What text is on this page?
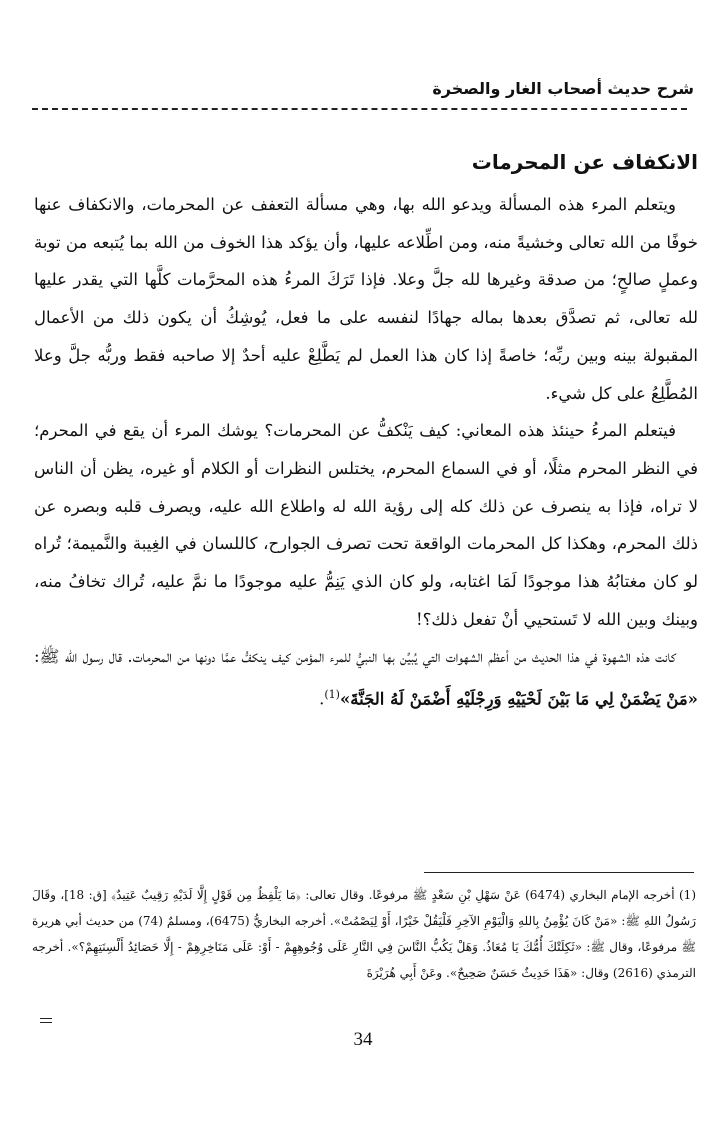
شرح حديث أصحاب الغار والصخرة
الانكفاف عن المحرمات

ويتعلم المرء هذه المسألة ويدعو الله بها، وهي مسألة التعفف عن المحرمات، والانكفاف عنها خوفًا من الله تعالى وخشيةً منه، ومن اطِّلاعه عليها، وأن يؤكد هذا الخوف من الله بما يُتبعه من توبة وعملٍ صالحٍ؛ من صدقة وغيرها لله جلَّ وعلا. فإذا تَرَكَ المرءُ هذه المحرَّمات كلَّها التي يقدر عليها لله تعالى، ثم تصدَّق بعدها بماله جهادًا لنفسه على ما فعل، يُوشِكُ أن يكون ذلك من الأعمال المقبولة بينه وبين ربِّه؛ خاصةً إذا كان هذا العمل لم يَطَّلِعْ عليه أحدٌ إلا صاحبه فقط وربُّه جلَّ وعلا المُطَّلِعُ على كل شيء.

فيتعلم المرءُ حينئذ هذه المعاني: كيف يَنْكفُّ عن المحرمات؟ يوشك المرء أن يقع في المحرم؛ في النظر المحرم مثلًا، أو في السماع المحرم، يختلس النظرات أو الكلام أو غيره، يظن أن الناس لا تراه، فإذا به ينصرف عن ذلك كله إلى رؤية الله له واطلاع الله عليه، ويصرف قلبه وبصره عن ذلك المحرم، وهكذا كل المحرمات الواقعة تحت تصرف الجوارح، كاللسان في الغِيبة والنَّميمة؛ تُراه لو كان مغتابُهُ هذا موجودًا لَمَا اغتابه، ولو كان الذي يَنِمُّ عليه موجودًا ما نمَّ عليه، تُراك تخافُ منه، وبينك وبين الله لا تَستحيي أنْ تفعل ذلك؟!

كانت هذه الشهوة في هذا الحديث من أعظم الشهوات التي يُبيِّن بها النبيُّ للمرء المؤمن كيف ينكفُّ عمَّا دونها من المحرمات. قال رسول الله ﷺ: «مَنْ يَضْمَنْ لِي مَا بَيْنَ لَحْيَيْهِ وَرِجْلَيْهِ أَضْمَنْ لَهُ الجَنَّةَ»$^{(1)}$.

(1) أخرجه الإمام البخاري (6474) عَنْ سَهْلِ بْنِ سَعْدٍ ﷺ مرفوعًا. وقال تعالى: ﴿مَا يَلْفِظُ مِن قَوْلٍ إِلَّا لَدَيْهِ رَقِيبٌ عَتِيدٌ﴾ [ق: 18]، وقَالَ رَسُولُ اللهِ ﷺ: «مَنْ كَانَ يُؤْمِنُ بِاللهِ وَالْيَوْمِ الآخِرِ فَلْيَقُلْ خَيْرًا، أَوْ لِيَصْمُتْ». أخرجه البخاريُّ (6475)، ومسلمٌ (74) من حديث أبي هريرة ﷺ مرفوعًا، وقال ﷺ: «ثَكِلَتْكَ أُمُّكَ يَا مُعَاذُ. وَهَلْ يَكُبُّ النَّاسَ فِي النَّارِ عَلَى وُجُوهِهِمْ - أَوْ: عَلَى مَنَاخِرِهِمْ - إِلَّا حَصَائِدُ أَلْسِنَتِهِمْ؟». أخرجه الترمذي (2616) وقال: «هَذَا حَدِيثٌ حَسَنٌ صَحِيحٌ». وعَنْ أَبِي هُرَيْرَةَ

34
